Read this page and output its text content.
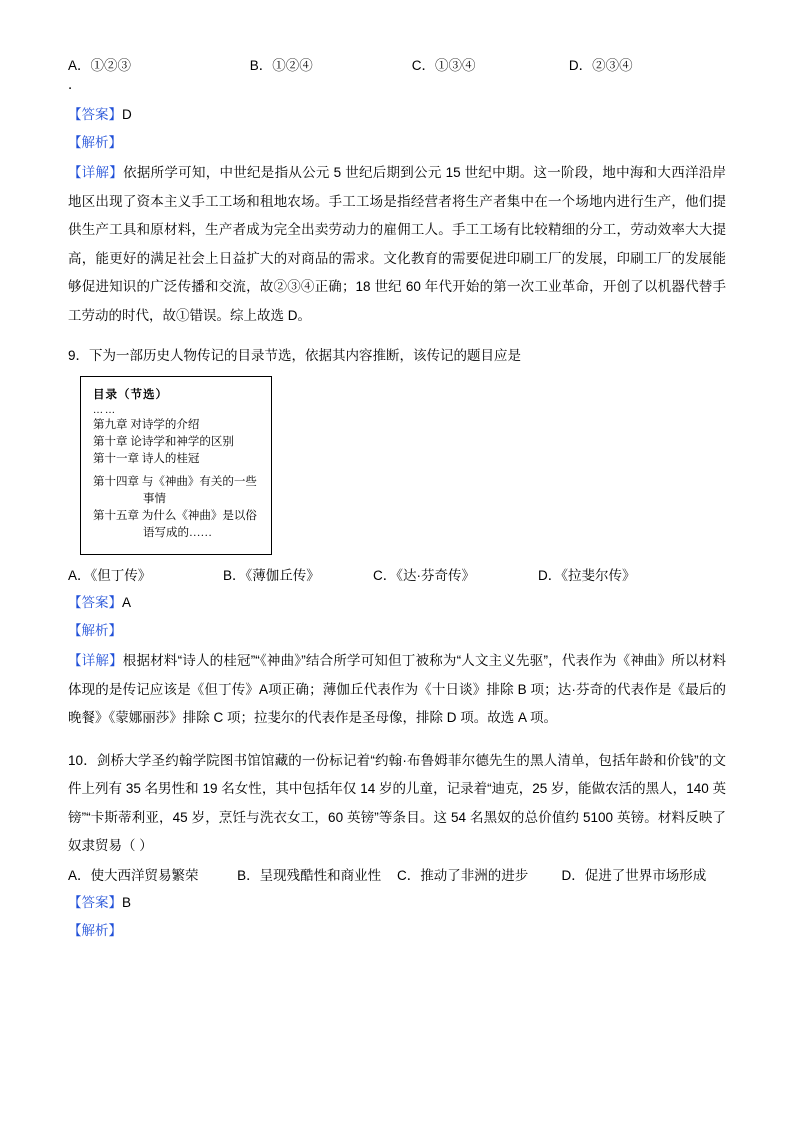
A．①②③	B．①②④	C．①③④	D．②③④
．
【答案】D
【解析】

【详解】依据所学可知，中世纪是指从公元 5 世纪后期到公元 15 世纪中期。这一阶段，地中海和大西洋沿岸地区出现了资本主义手工工场和租地农场。手工工场是指经营者将生产者集中在一个场地内进行生产，他们提供生产工具和原材料，生产者成为完全出卖劳动力的雇佣工人。手工工场有比较精细的分工，劳动效率大大提高，能更好的满足社会上日益扩大的对商品的需求。文化教育的需要促进印刷工厂的发展，印刷工厂的发展能够促进知识的广泛传播和交流，故②③④正确；18 世纪 60 年代开始的第一次工业革命，开创了以机器代替手工劳动的时代，故①错误。综上故选 D。

9．下为一部历史人物传记的目录节选，依据其内容推断，该传记的题目应是
目录（节选）
……
第九章 对诗学的介绍
第十章 论诗学和神学的区别
第十一章 诗人的桂冠
第十四章 与《神曲》有关的一些
事情
第十五章 为什么《神曲》是以俗
语写成的……
A．《但丁传》	B．《薄伽丘传》	C．《达·芬奇传》	D．《拉斐尔传》
【答案】A
【解析】

【详解】根据材料“诗人的桂冠”“《神曲》”结合所学可知但丁被称为“人文主义先驱”，代表作为《神曲》所以材料体现的是传记应该是《但丁传》A项正确；薄伽丘代表作为《十日谈》排除 B 项；达·芬奇的代表作是《最后的晚餐》《蒙娜丽莎》排除 C 项；拉斐尔的代表作是圣母像，排除 D 项。故选 A 项。

10．剑桥大学圣约翰学院图书馆馆藏的一份标记着“约翰·布鲁姆菲尔德先生的黑人清单，包括年龄和价钱”的文件上列有 35 名男性和 19 名女性，其中包括年仅 14 岁的儿童，记录着“迪克，25 岁，能做农活的黑人，140 英镑”“卡斯蒂利亚，45 岁，烹饪与洗衣女工，60 英镑”等条目。这 54 名黑奴的总价值约 5100 英镑。材料反映了奴隶贸易（ ）

A．使大西洋贸易繁荣	B．呈现残酷性和商业性	C．推动了非洲的进步	D．促进了世界市场形成
【答案】B
【解析】
